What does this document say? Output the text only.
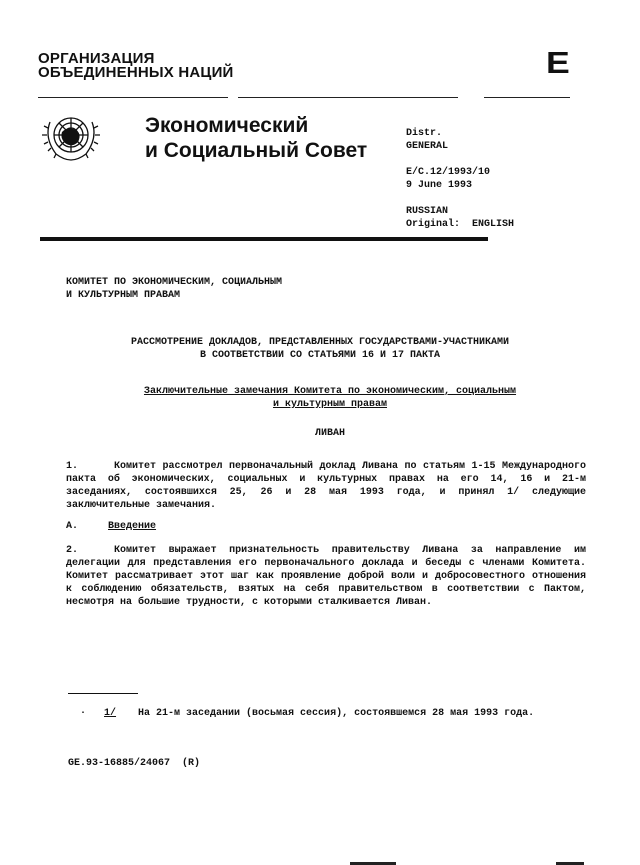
ОРГАНИЗАЦИЯ
ОБЪЕДИНЕННЫХ НАЦИЙ	E
Экономический
и Социальный Совет
Distr.
GENERAL
E/C.12/1993/10
9 June 1993
RUSSIAN
Original:  ENGLISH
КОМИТЕТ ПО ЭКОНОМИЧЕСКИМ, СОЦИАЛЬНЫМ
И КУЛЬТУРНЫМ ПРАВАМ
РАССМОТРЕНИЕ ДОКЛАДОВ, ПРЕДСТАВЛЕННЫХ ГОСУДАРСТВАМИ-УЧАСТНИКАМИ
В СООТВЕТСТВИИ СО СТАТЬЯМИ 16 И 17 ПАКТА
Заключительные замечания Комитета по экономическим, социальным
и культурным правам
ЛИВАН
1.	Комитет рассмотрел первоначальный доклад Ливана по статьям 1-15 Международного пакта об экономических, социальных и культурных правах на его 14, 16 и 21-м заседаниях, состоявшихся 25, 26 и 28 мая 1993 года, и принял 1/ следующие заключительные замечания.
A.	Введение
2.	Комитет выражает признательность правительству Ливана за направление им делегации для представления его первоначального доклада и беседы с членами Комитета. Комитет рассматривает этот шаг как проявление доброй воли и добросовестного отношения к соблюдению обязательств, взятых на себя правительством в соответствии с Пактом, несмотря на большие трудности, с которыми сталкивается Ливан.
· 1/ На 21-м заседании (восьмая сессия), состоявшемся 28 мая 1993 года.
GE.93-16885/24067  (R)
